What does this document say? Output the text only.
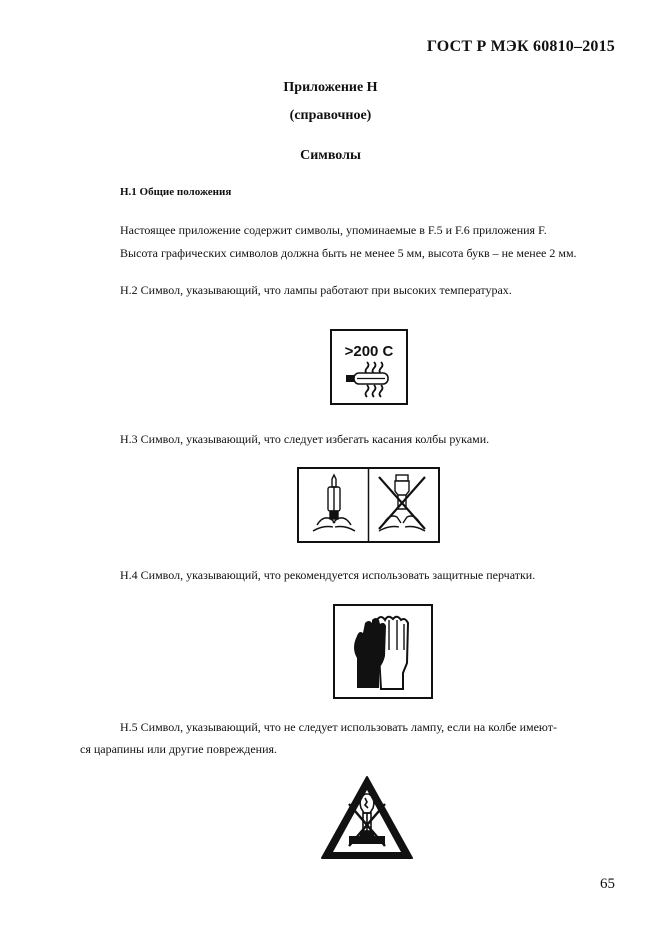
ГОСТ Р МЭК 60810–2015
Приложение Н
(справочное)
Символы
Н.1 Общие положения
Настоящее приложение содержит символы, упоминаемые в F.5 и F.6 приложения F.
Высота графических символов должна быть не менее 5 мм, высота букв – не менее 2 мм.
Н.2 Символ, указывающий, что лампы работают при высоких температурах.
>200 C
Н.3 Символ, указывающий, что следует избегать касания колбы руками.
Н.4 Символ, указывающий, что рекомендуется использовать защитные перчатки.
Н.5 Символ, указывающий, что не следует использовать лампу, если на колбе имеют-
ся царапины или другие повреждения.
65
